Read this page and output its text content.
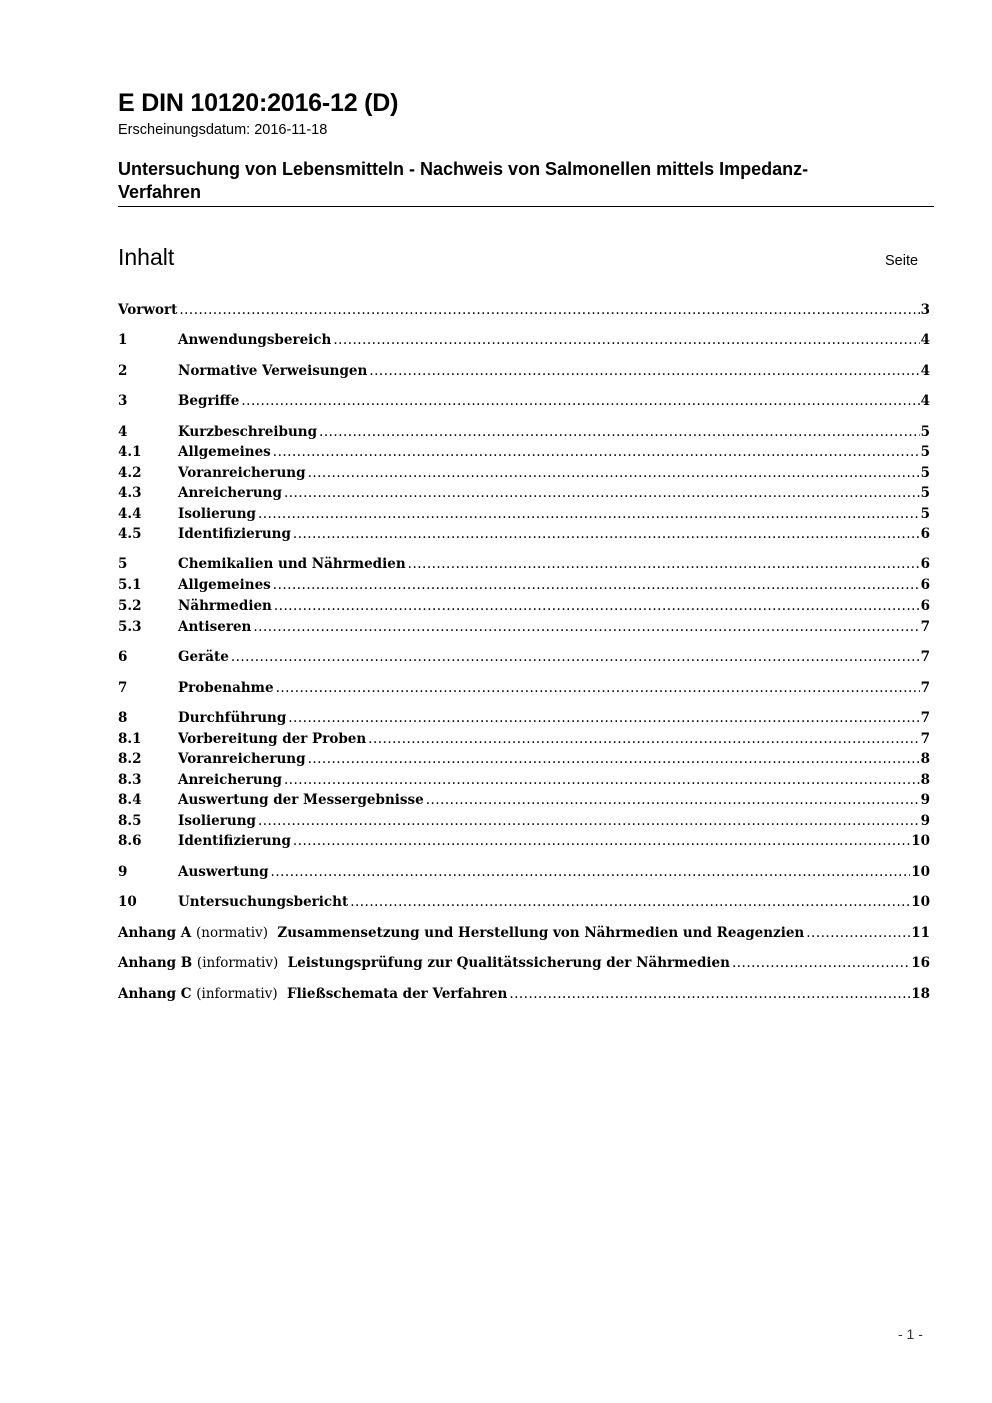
E DIN 10120:2016-12 (D)
Erscheinungsdatum: 2016-11-18
Untersuchung von Lebensmitteln - Nachweis von Salmonellen mittels Impedanz-
Verfahren
Inhalt	Seite
Vorwort .....	3
1	Anwendungsbereich .....	4
2	Normative Verweisungen .....	4
3	Begriffe .....	4
4	Kurzbeschreibung .....	5
4.1	Allgemeines .....	5
4.2	Voranreicherung .....	5
4.3	Anreicherung .....	5
4.4	Isolierung .....	5
4.5	Identifizierung .....	6
5	Chemikalien und Nährmedien .....	6
5.1	Allgemeines .....	6
5.2	Nährmedien .....	6
5.3	Antiseren .....	7
6	Geräte .....	7
7	Probenahme .....	7
8	Durchführung .....	7
8.1	Vorbereitung der Proben .....	7
8.2	Voranreicherung .....	8
8.3	Anreicherung .....	8
8.4	Auswertung der Messergebnisse .....	9
8.5	Isolierung .....	9
8.6	Identifizierung .....	10
9	Auswertung .....	10
10	Untersuchungsbericht .....	10
Anhang A (normativ) Zusammensetzung und Herstellung von Nährmedien und Reagenzien .....	11
Anhang B (informativ) Leistungsprüfung zur Qualitätssicherung der Nährmedien .....	16
Anhang C (informativ) Fließschemata der Verfahren .....	18
- 1 -
